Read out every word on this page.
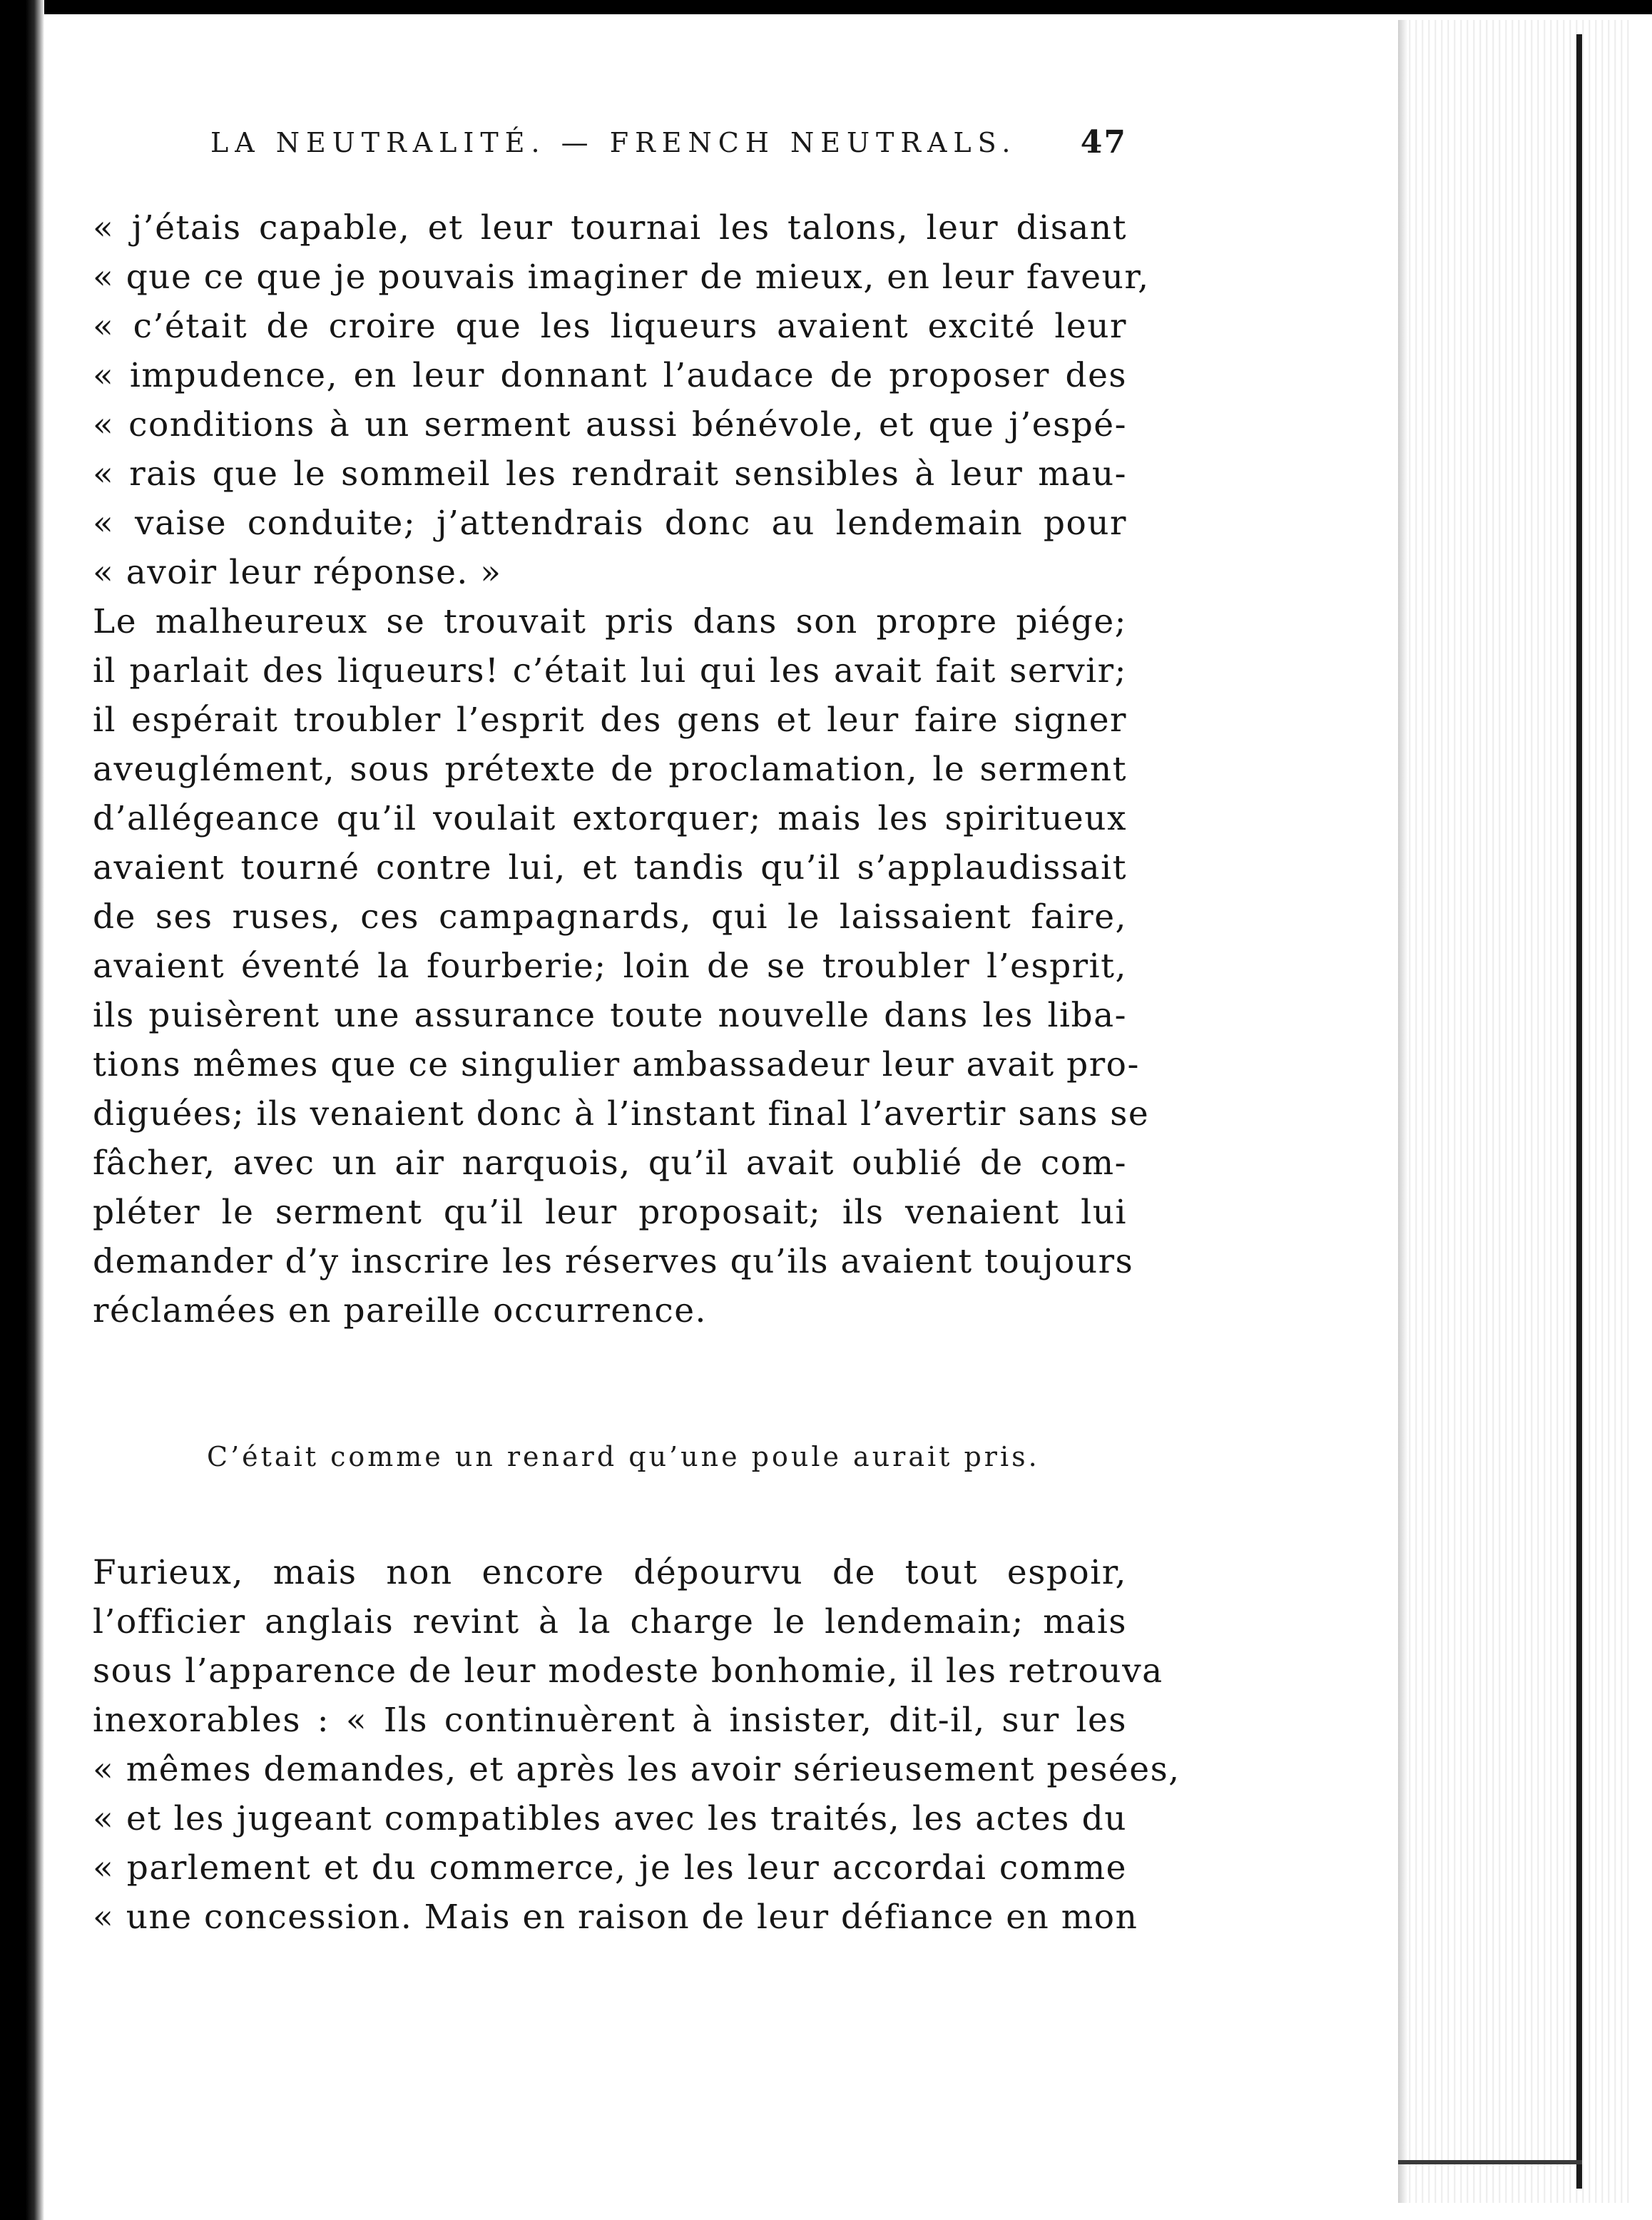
LA NEUTRALITÉ. — FRENCH NEUTRALS. 47
« j’étais capable, et leur tournai les talons, leur disant
« que ce que je pouvais imaginer de mieux, en leur faveur,
« c’était de croire que les liqueurs avaient excité leur
« impudence, en leur donnant l’audace de proposer des
« conditions à un serment aussi bénévole, et que j’espé-
« rais que le sommeil les rendrait sensibles à leur mau-
« vaise conduite; j’attendrais donc au lendemain pour
« avoir leur réponse. »
Le malheureux se trouvait pris dans son propre piége;
il parlait des liqueurs! c’était lui qui les avait fait servir;
il espérait troubler l’esprit des gens et leur faire signer
aveuglément, sous prétexte de proclamation, le serment
d’allégeance qu’il voulait extorquer; mais les spiritueux
avaient tourné contre lui, et tandis qu’il s’applaudissait
de ses ruses, ces campagnards, qui le laissaient faire,
avaient éventé la fourberie; loin de se troubler l’esprit,
ils puisèrent une assurance toute nouvelle dans les liba-
tions mêmes que ce singulier ambassadeur leur avait pro-
diguées; ils venaient donc à l’instant final l’avertir sans se
fâcher, avec un air narquois, qu’il avait oublié de com-
pléter le serment qu’il leur proposait; ils venaient lui
demander d’y inscrire les réserves qu’ils avaient toujours
réclamées en pareille occurrence.
C’était comme un renard qu’une poule aurait pris.
Furieux, mais non encore dépourvu de tout espoir,
l’officier anglais revint à la charge le lendemain; mais
sous l’apparence de leur modeste bonhomie, il les retrouva
inexorables : « Ils continuèrent à insister, dit-il, sur les
« mêmes demandes, et après les avoir sérieusement pesées,
« et les jugeant compatibles avec les traités, les actes du
« parlement et du commerce, je les leur accordai comme
« une concession. Mais en raison de leur défiance en mon
